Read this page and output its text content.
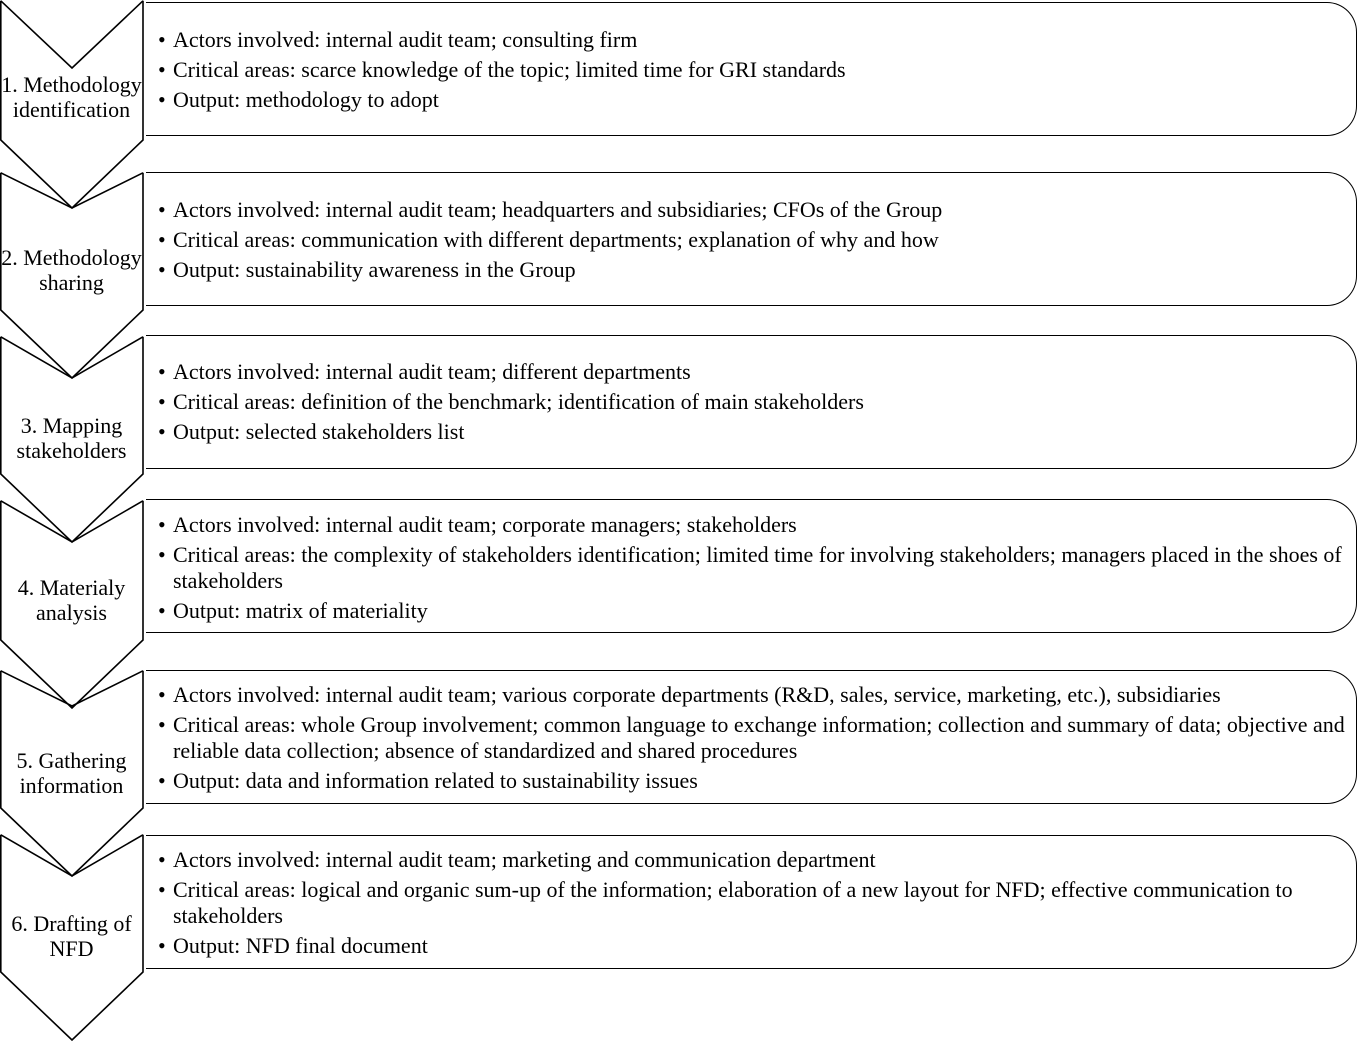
1. Methodology identification
• Actors involved: internal audit team; consulting firm
• Critical areas: scarce knowledge of the topic; limited time for GRI standards
• Output: methodology to adopt
2. Methodology sharing
• Actors involved: internal audit team; headquarters and subsidiaries; CFOs of the Group
• Critical areas: communication with different departments; explanation of why and how
• Output: sustainability awareness in the Group
3. Mapping stakeholders
• Actors involved: internal audit team; different departments
• Critical areas: definition of the benchmark; identification of main stakeholders
• Output: selected stakeholders list
4. Materialy analysis
• Actors involved: internal audit team; corporate managers; stakeholders
• Critical areas: the complexity of stakeholders identification; limited time for involving stakeholders; managers placed in the shoes of stakeholders
• Output: matrix of materiality
5. Gathering information
• Actors involved: internal audit team; various corporate departments (R&D, sales, service, marketing, etc.), subsidiaries
• Critical areas: whole Group involvement; common language to exchange information; collection and summary of data; objective and reliable data collection; absence of standardized and shared procedures
• Output: data and information related to sustainability issues
6. Drafting of NFD
• Actors involved: internal audit team; marketing and communication department
• Critical areas: logical and organic sum-up of the information; elaboration of a new layout for NFD; effective communication to stakeholders
• Output: NFD final document
